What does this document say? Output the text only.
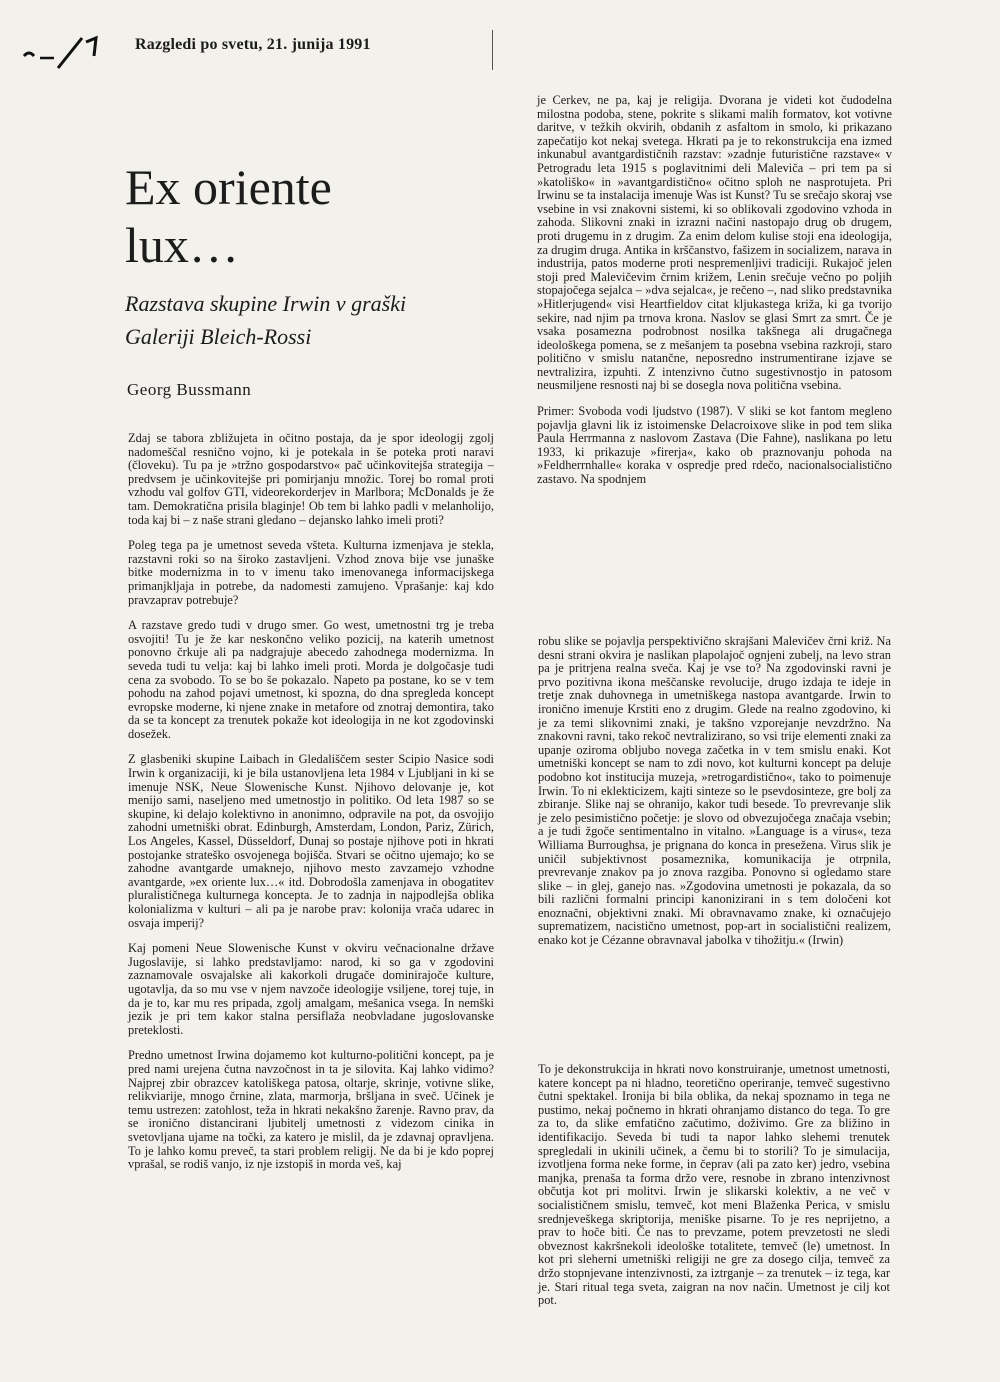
Razgledi po svetu, 21. junija 1991
Ex oriente
lux…
Razstava skupine Irwin v graški
Galeriji Bleich-Rossi
Georg Bussmann

Zdaj se tabora zbližujeta in očitno postaja, da je spor ideologij zgolj nadomeščal resnično vojno, ki je potekala in še poteka proti naravi (človeku). Tu pa je »tržno gospodarstvo« pač učinkovitejša strategija – predvsem je učinkovitejše pri pomirjanju množic. Torej bo romal proti vzhodu val golfov GTI, videorekorderjev in Marlbora; McDonalds je že tam. Demokratična prisila blaginje! Ob tem bi lahko padli v melanholijo, toda kaj bi – z naše strani gledano – dejansko lahko imeli proti?

Poleg tega pa je umetnost seveda všteta. Kulturna izmenjava je stekla, razstavni roki so na široko zastavljeni. Vzhod znova bije vse junaške bitke modernizma in to v imenu tako imenovanega informacijskega primanjkljaja in potrebe, da nadomesti zamujeno. Vprašanje: kaj kdo pravzaprav potrebuje?

A razstave gredo tudi v drugo smer. Go west, umetnostni trg je treba osvojiti! Tu je že kar neskončno veliko pozicij, na katerih umetnost ponovno črkuje ali pa nadgrajuje abecedo zahodnega modernizma. In seveda tudi tu velja: kaj bi lahko imeli proti. Morda je dolgočasje tudi cena za svobodo. To se bo še pokazalo. Napeto pa postane, ko se v tem pohodu na zahod pojavi umetnost, ki spozna, do dna spregleda koncept evropske moderne, ki njene znake in metafore od znotraj demontira, tako da se ta koncept za trenutek pokaže kot ideologija in ne kot zgodovinski dosežek.

Z glasbeniki skupine Laibach in Gledališčem sester Scipio Nasice sodi Irwin k organizaciji, ki je bila ustanovljena leta 1984 v Ljubljani in ki se imenuje NSK, Neue Slowenische Kunst. Njihovo delovanje je, kot menijo sami, naseljeno med umetnostjo in politiko. Od leta 1987 so se skupine, ki delajo kolektivno in anonimno, odpravile na pot, da osvojijo zahodni umetniški obrat. Edinburgh, Amsterdam, London, Pariz, Zürich, Los Angeles, Kassel, Düsseldorf, Dunaj so postaje njihove poti in hkrati postojanke strateško osvojenega bojišča. Stvari se očitno ujemajo; ko se zahodne avantgarde umaknejo, njihovo mesto zavzamejo vzhodne avantgarde, »ex oriente lux…« itd. Dobrodošla zamenjava in obogatitev pluralističnega kulturnega koncepta. Je to zadnja in najpodlejša oblika kolonializma v kulturi – ali pa je narobe prav: kolonija vrača udarec in osvaja imperij?

Kaj pomeni Neue Slowenische Kunst v okviru večnacionalne države Jugoslavije, si lahko predstavljamo: narod, ki so ga v zgodovini zaznamovale osvajalske ali kakorkoli drugače dominirajoče kulture, ugotavlja, da so mu vse v njem navzoče ideologije vsiljene, torej tuje, in da je to, kar mu res pripada, zgolj amalgam, mešanica vsega. In nemški jezik je pri tem kakor stalna persiflaža neobvladane jugoslovanske preteklosti.

Predno umetnost Irwina dojamemo kot kulturno-politični koncept, pa je pred nami urejena čutna navzočnost in ta je silovita. Kaj lahko vidimo? Najprej zbir obrazcev katoliškega patosa, oltarje, skrinje, votivne slike, relikviarije, mnogo črnine, zlata, marmorja, bršljana in sveč. Učinek je temu ustrezen: zatohlost, teža in hkrati nekakšno žarenje. Ravno prav, da se ironično distancirani ljubitelj umetnosti z videzom cinika in svetovljana ujame na točki, za katero je mislil, da je zdavnaj opravljena. To je lahko komu preveč, ta stari problem religij. Ne da bi je kdo poprej vprašal, se rodiš vanjo, iz nje izstopiš in morda veš, kaj

je Cerkev, ne pa, kaj je religija. Dvorana je videti kot čudodelna milostna podoba, stene, pokrite s slikami malih formatov, kot votivne daritve, v težkih okvirih, obdanih z asfaltom in smolo, ki prikazano zapečatijo kot nekaj svetega. Hkrati pa je to rekonstrukcija ena izmed inkunabul avantgardističnih razstav: »zadnje futuristične razstave« v Petrogradu leta 1915 s poglavitnimi deli Maleviča – pri tem pa si »katoliško« in »avantgardistično« očitno sploh ne nasprotujeta. Pri Irwinu se ta instalacija imenuje Was ist Kunst? Tu se srečajo skoraj vse vsebine in vsi znakovni sistemi, ki so oblikovali zgodovino vzhoda in zahoda. Slikovni znaki in izrazni načini nastopajo drug ob drugem, proti drugemu in z drugim. Za enim delom kulise stoji ena ideologija, za drugim druga. Antika in krščanstvo, fašizem in socializem, narava in industrija, patos moderne proti nespremenljivi tradiciji. Rukajoč jelen stoji pred Malevičevim črnim križem, Lenin srečuje večno po poljih stopajočega sejalca – »dva sejalca«, je rečeno –, nad sliko predstavnika »Hitlerjugend« visi Heartfieldov citat kljukastega križa, ki ga tvorijo sekire, nad njim pa trnova krona. Naslov se glasi Smrt za smrt. Če je vsaka posamezna podrobnost nosilka takšnega ali drugačnega ideološkega pomena, se z mešanjem ta posebna vsebina razkroji, staro politično v smislu natančne, neposredno instrumentirane izjave se nevtralizira, izpuhti. Z intenzivno čutno sugestivnostjo in patosom neusmiljene resnosti naj bi se dosegla nova politična vsebina.

Primer: Svoboda vodi ljudstvo (1987). V sliki se kot fantom megleno pojavlja glavni lik iz istoimenske Delacroixove slike in pod tem slika Paula Herrmanna z naslovom Zastava (Die Fahne), naslikana po letu 1933, ki prikazuje »firerja«, kako ob praznovanju pohoda na »Feldherrnhalle« koraka v ospredje pred rdečo, nacionalsocialistično zastavo. Na spodnjem

robu slike se pojavlja perspektivično skrajšani Malevičev črni križ. Na desni strani okvira je naslikan plapolajoč ognjeni zubelj, na levo stran pa je pritrjena realna sveča. Kaj je vse to? Na zgodovinski ravni je prvo pozitivna ikona meščanske revolucije, drugo izdaja te ideje in tretje znak duhovnega in umetniškega nastopa avantgarde. Irwin to ironično imenuje Krstiti eno z drugim. Glede na realno zgodovino, ki je za temi slikovnimi znaki, je takšno vzporejanje nevzdržno. Na znakovni ravni, tako rekoč nevtralizirano, so vsi trije elementi znaki za upanje oziroma obljubo novega začetka in v tem smislu enaki. Kot umetniški koncept se nam to zdi novo, kot kulturni koncept pa deluje podobno kot institucija muzeja, »retrogardistično«, tako to poimenuje Irwin. To ni eklekticizem, kajti sinteze so le psevdosinteze, gre bolj za zbiranje. Slike naj se ohranijo, kakor tudi besede. To prevrevanje slik je zelo pesimistično početje: je slovo od obvezujočega značaja vsebin; a je tudi žgoče sentimentalno in vitalno. »Language is a virus«, teza Williama Burroughsa, je prignana do konca in presežena. Virus slik je uničil subjektivnost posameznika, komunikacija je otrpnila, prevrevanje znakov pa jo znova razgiba. Ponovno si ogledamo stare slike – in glej, ganejo nas. »Zgodovina umetnosti je pokazala, da so bili različni formalni principi kanonizirani in s tem določeni kot enoznačni, objektivni znaki. Mi obravnavamo znake, ki označujejo suprematizem, nacistično umetnost, pop-art in socialistični realizem, enako kot je Cézanne obravnaval jabolka v tihožitju.« (Irwin)

To je dekonstrukcija in hkrati novo konstruiranje, umetnost umetnosti, katere koncept pa ni hladno, teoretično operiranje, temveč sugestivno čutni spektakel. Ironija bi bila oblika, da nekaj spoznamo in tega ne pustimo, nekaj počnemo in hkrati ohranjamo distanco do tega. To gre za to, da slike emfatično začutimo, doživimo. Gre za bližino in identifikacijo. Seveda bi tudi ta napor lahko slehemi trenutek spregledali in ukinili učinek, a čemu bi to storili? To je simulacija, izvotljena forma neke forme, in čeprav (ali pa zato ker) jedro, vsebina manjka, prenaša ta forma držo vere, resnobe in zbrano intenzivnost občutja kot pri molitvi. Irwin je slikarski kolektiv, a ne več v socialističnem smislu, temveč, kot meni Blaženka Perica, v smislu srednjeveškega skriptorija, meniške pisarne. To je res neprijetno, a prav to hoče biti. Če nas to prevzame, potem prevzetosti ne sledi obveznost kakršnekoli ideološke totalitete, temveč (le) umetnost. In kot pri sleherni umetniški religiji ne gre za dosego cilja, temveč za držo stopnjevane intenzivnosti, za iztrganje – za trenutek – iz tega, kar je. Stari ritual tega sveta, zaigran na nov način. Umetnost je cilj kot pot.
